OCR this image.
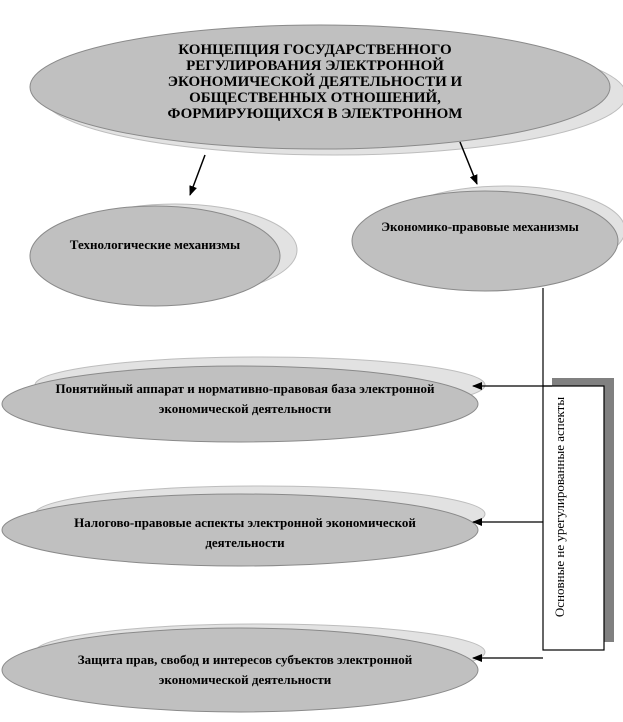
КОНЦЕПЦИЯ ГОСУДАРСТВЕННОГО РЕГУЛИРОВАНИЯ ЭЛЕКТРОННОЙ ЭКОНОМИЧЕСКОЙ ДЕЯТЕЛЬНОСТИ И ОБЩЕСТВЕННЫХ ОТНОШЕНИЙ, ФОРМИРУЮЩИХСЯ В ЭЛЕКТРОННОМ
Технологические механизмы
Экономико-правовые механизмы
Понятийный аппарат и нормативно-правовая база электронной экономической деятельности
Налогово-правовые аспекты электронной экономической деятельности
Защита прав, свобод и интересов субъектов электронной экономической деятельности
Основные не урегулированные аспекты
